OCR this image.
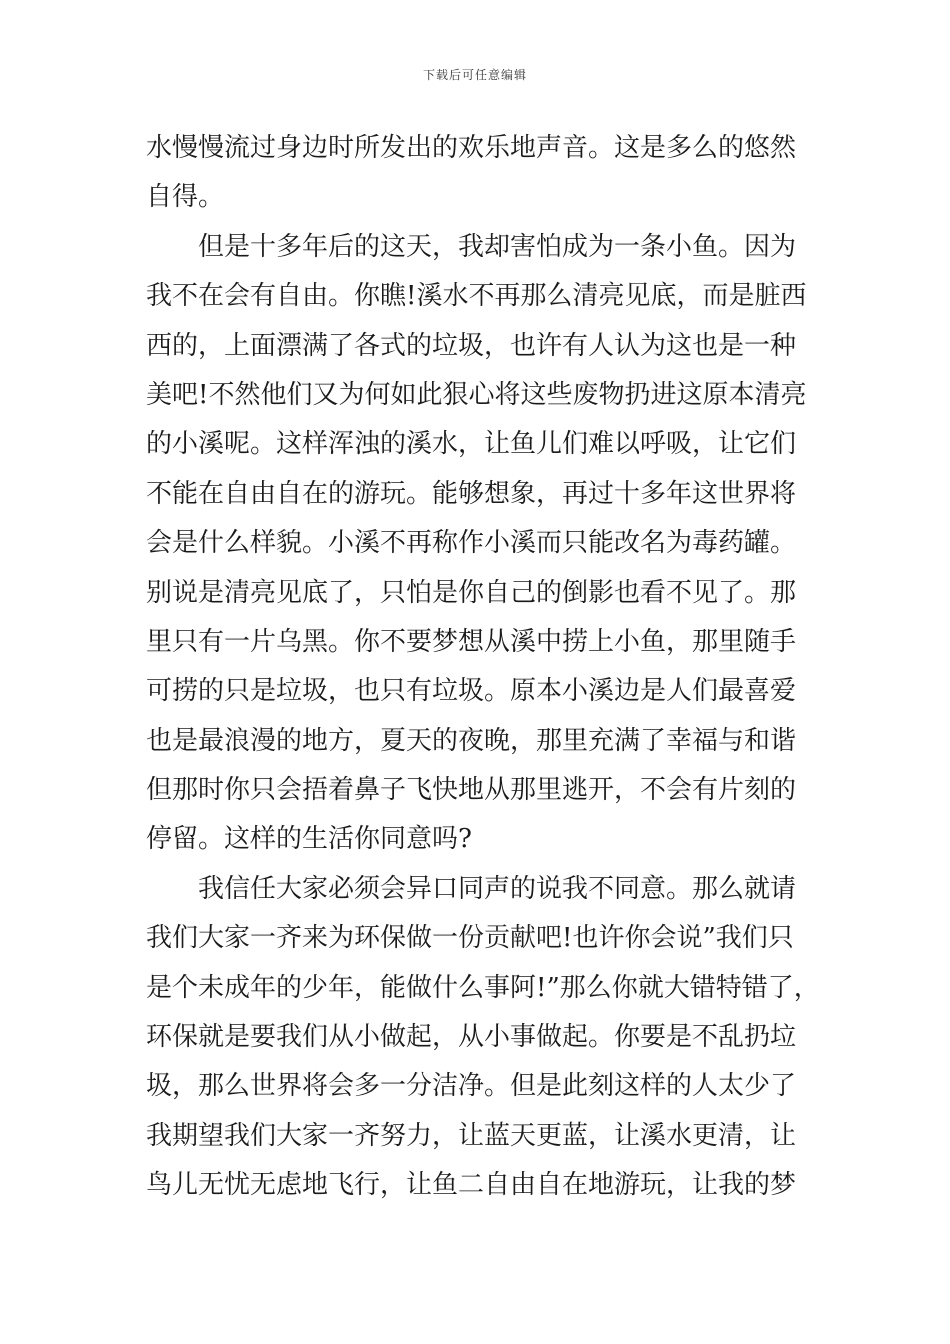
下载后可任意编辑
水慢慢流过身边时所发出的欢乐地声音。这是多么的悠然
自得。
但是十多年后的这天，我却害怕成为一条小鱼。因为
我不在会有自由。你瞧!溪水不再那么清亮见底，而是脏西
西的，上面漂满了各式的垃圾，也许有人认为这也是一种
美吧!不然他们又为何如此狠心将这些废物扔进这原本清亮
的小溪呢。这样浑浊的溪水，让鱼儿们难以呼吸，让它们
不能在自由自在的游玩。能够想象，再过十多年这世界将
会是什么样貌。小溪不再称作小溪而只能改名为毒药罐。
别说是清亮见底了，只怕是你自己的倒影也看不见了。那
里只有一片乌黑。你不要梦想从溪中捞上小鱼，那里随手
可捞的只是垃圾，也只有垃圾。原本小溪边是人们最喜爱
也是最浪漫的地方，夏天的夜晚，那里充满了幸福与和谐
但那时你只会捂着鼻子飞快地从那里逃开，不会有片刻的
停留。这样的生活你同意吗?
我信任大家必须会异口同声的说我不同意。那么就请
我们大家一齐来为环保做一份贡献吧!也许你会说”我们只
是个未成年的少年，能做什么事阿!”那么你就大错特错了，
环保就是要我们从小做起，从小事做起。你要是不乱扔垃
圾，那么世界将会多一分洁净。但是此刻这样的人太少了
我期望我们大家一齐努力，让蓝天更蓝，让溪水更清，让
鸟儿无忧无虑地飞行，让鱼二自由自在地游玩，让我的梦
